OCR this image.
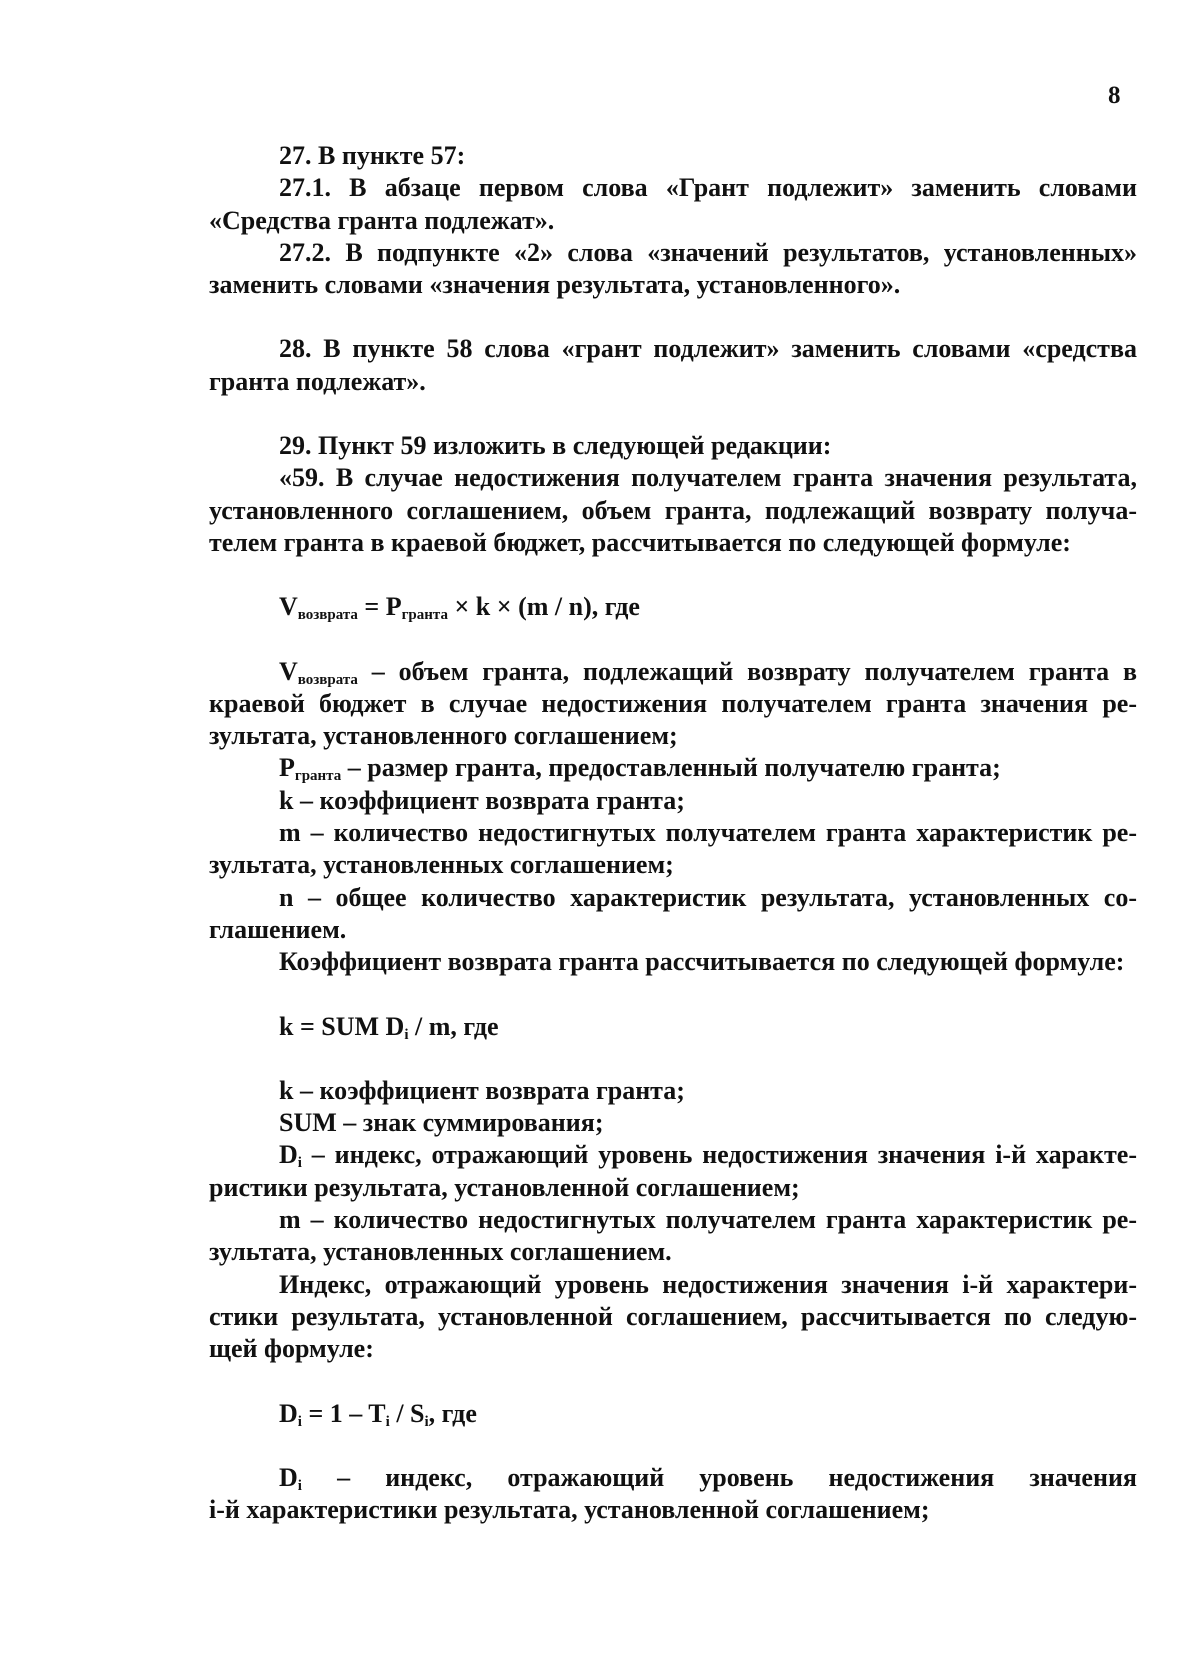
8

27. В пункте 57:

27.1. В абзаце первом слова «Грант подлежит» заменить словами «Средства гранта подлежат».

27.2. В подпункте «2» слова «значений результатов, установленных» заменить словами «значения результата, установленного».

28. В пункте 58 слова «грант подлежит» заменить словами «средства гранта подлежат».

29. Пункт 59 изложить в следующей редакции:

«59. В случае недостижения получателем гранта значения результата, установленного соглашением, объем гранта, подлежащий возврату получателем гранта в краевой бюджет, рассчитывается по следующей формуле:

$V_{возврата} = P_{гранта} \times k \times (m / n)$, где

$V_{возврата}$ – объем гранта, подлежащий возврату получателем гранта в краевой бюджет в случае недостижения получателем гранта значения результата, установленного соглашением;

$P_{гранта}$ – размер гранта, предоставленный получателю гранта;

k – коэффициент возврата гранта;

m – количество недостигнутых получателем гранта характеристик результата, установленных соглашением;

n – общее количество характеристик результата, установленных соглашением.

Коэффициент возврата гранта рассчитывается по следующей формуле:

k = SUM $D_i$ / m, где

k – коэффициент возврата гранта;

SUM – знак суммирования;

$D_i$ – индекс, отражающий уровень недостижения значения i-й характеристики результата, установленной соглашением;

m – количество недостигнутых получателем гранта характеристик результата, установленных соглашением.

Индекс, отражающий уровень недостижения значения i-й характеристики результата, установленной соглашением, рассчитывается по следующей формуле:

$D_i = 1 - T_i / S_i$, где

$D_i$ – индекс, отражающий уровень недостижения значения

i-й характеристики результата, установленной соглашением;
